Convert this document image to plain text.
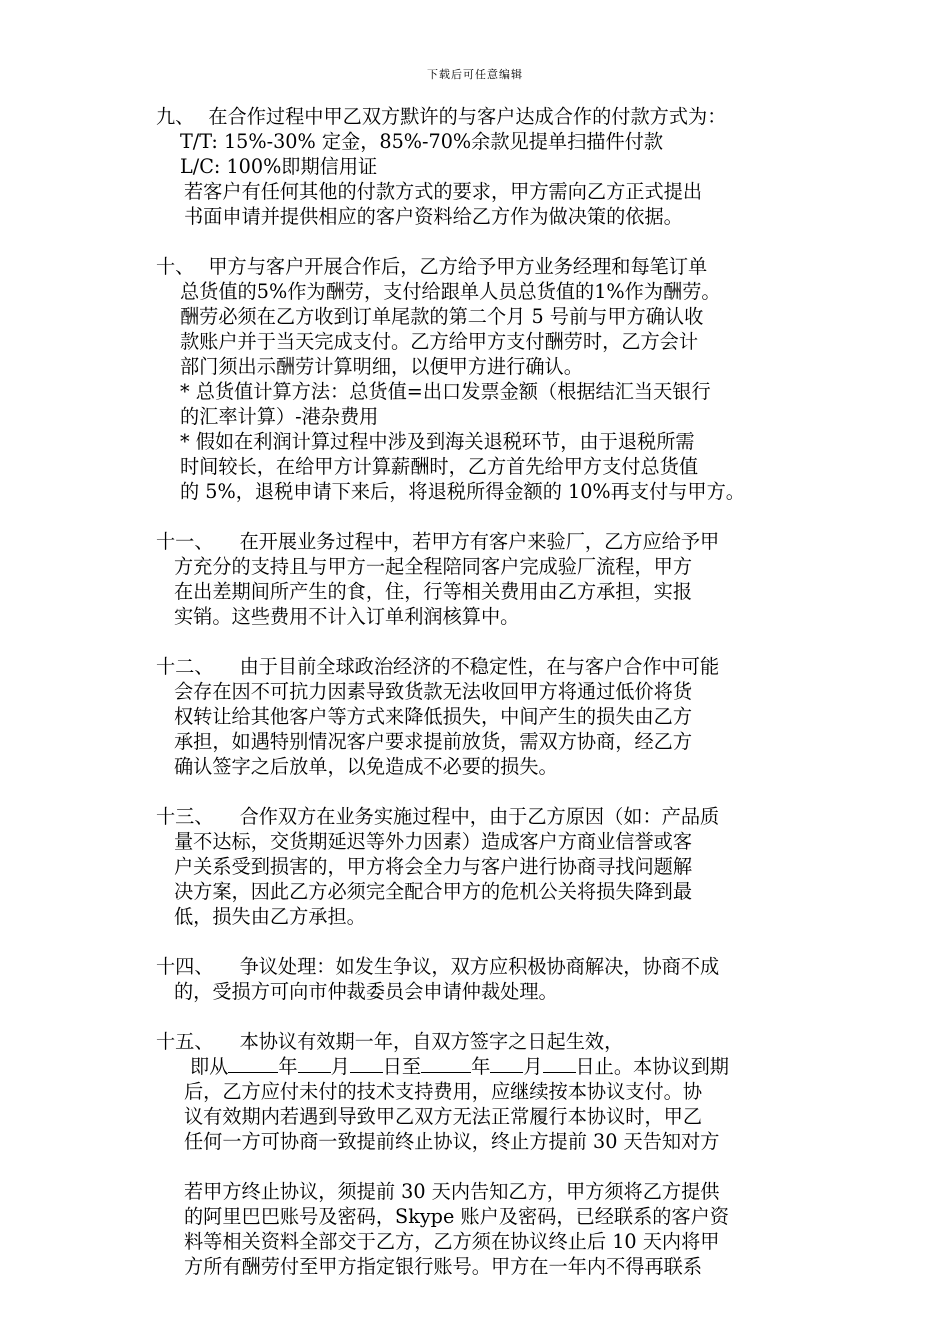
下载后可任意编辑
九、 在合作过程中甲乙双方默许的与客户达成合作的付款方式为：
T/T: 15%-30% 定金，85%-70%余款见提单扫描件付款
L/C: 100%即期信用证
若客户有任何其他的付款方式的要求，甲方需向乙方正式提出
书面申请并提供相应的客户资料给乙方作为做决策的依据。
十、 甲方与客户开展合作后，乙方给予甲方业务经理和每笔订单
总货值的5%作为酬劳，支付给跟单人员总货值的1%作为酬劳。
酬劳必须在乙方收到订单尾款的第二个月 5 号前与甲方确认收
款账户并于当天完成支付。乙方给甲方支付酬劳时，乙方会计
部门须出示酬劳计算明细，以便甲方进行确认。
* 总货值计算方法：总货值=出口发票金额（根据结汇当天银行
的汇率计算）-港杂费用
* 假如在利润计算过程中涉及到海关退税环节，由于退税所需
时间较长，在给甲方计算薪酬时，乙方首先给甲方支付总货值
的 5%，退税申请下来后，将退税所得金额的 10%再支付与甲方。
十一、 在开展业务过程中，若甲方有客户来验厂，乙方应给予甲
方充分的支持且与甲方一起全程陪同客户完成验厂流程，甲方
在出差期间所产生的食，住，行等相关费用由乙方承担，实报
实销。这些费用不计入订单利润核算中。
十二、 由于目前全球政治经济的不稳定性，在与客户合作中可能
会存在因不可抗力因素导致货款无法收回甲方将通过低价将货
权转让给其他客户等方式来降低损失，中间产生的损失由乙方
承担，如遇特别情况客户要求提前放货，需双方协商，经乙方
确认签字之后放单，以免造成不必要的损失。
十三、 合作双方在业务实施过程中，由于乙方原因（如：产品质
量不达标，交货期延迟等外力因素）造成客户方商业信誉或客
户关系受到损害的，甲方将会全力与客户进行协商寻找问题解
决方案，因此乙方必须完全配合甲方的危机公关将损失降到最
低，损失由乙方承担。
十四、 争议处理：如发生争议，双方应积极协商解决，协商不成
的，受损方可向市仲裁委员会申请仲裁处理。
十五、 本协议有效期一年，自双方签字之日起生效，
即从	年 月 日至	年 月 日止。本协议到期
后，乙方应付未付的技术支持费用，应继续按本协议支付。协
议有效期内若遇到导致甲乙双方无法正常履行本协议时，甲乙
任何一方可协商一致提前终止协议，终止方提前 30 天告知对方
若甲方终止协议，须提前 30 天内告知乙方，甲方须将乙方提供
的阿里巴巴账号及密码，Skype 账户及密码，已经联系的客户资
料等相关资料全部交于乙方，乙方须在协议终止后 10 天内将甲
方所有酬劳付至甲方指定银行账号。甲方在一年内不得再联系
